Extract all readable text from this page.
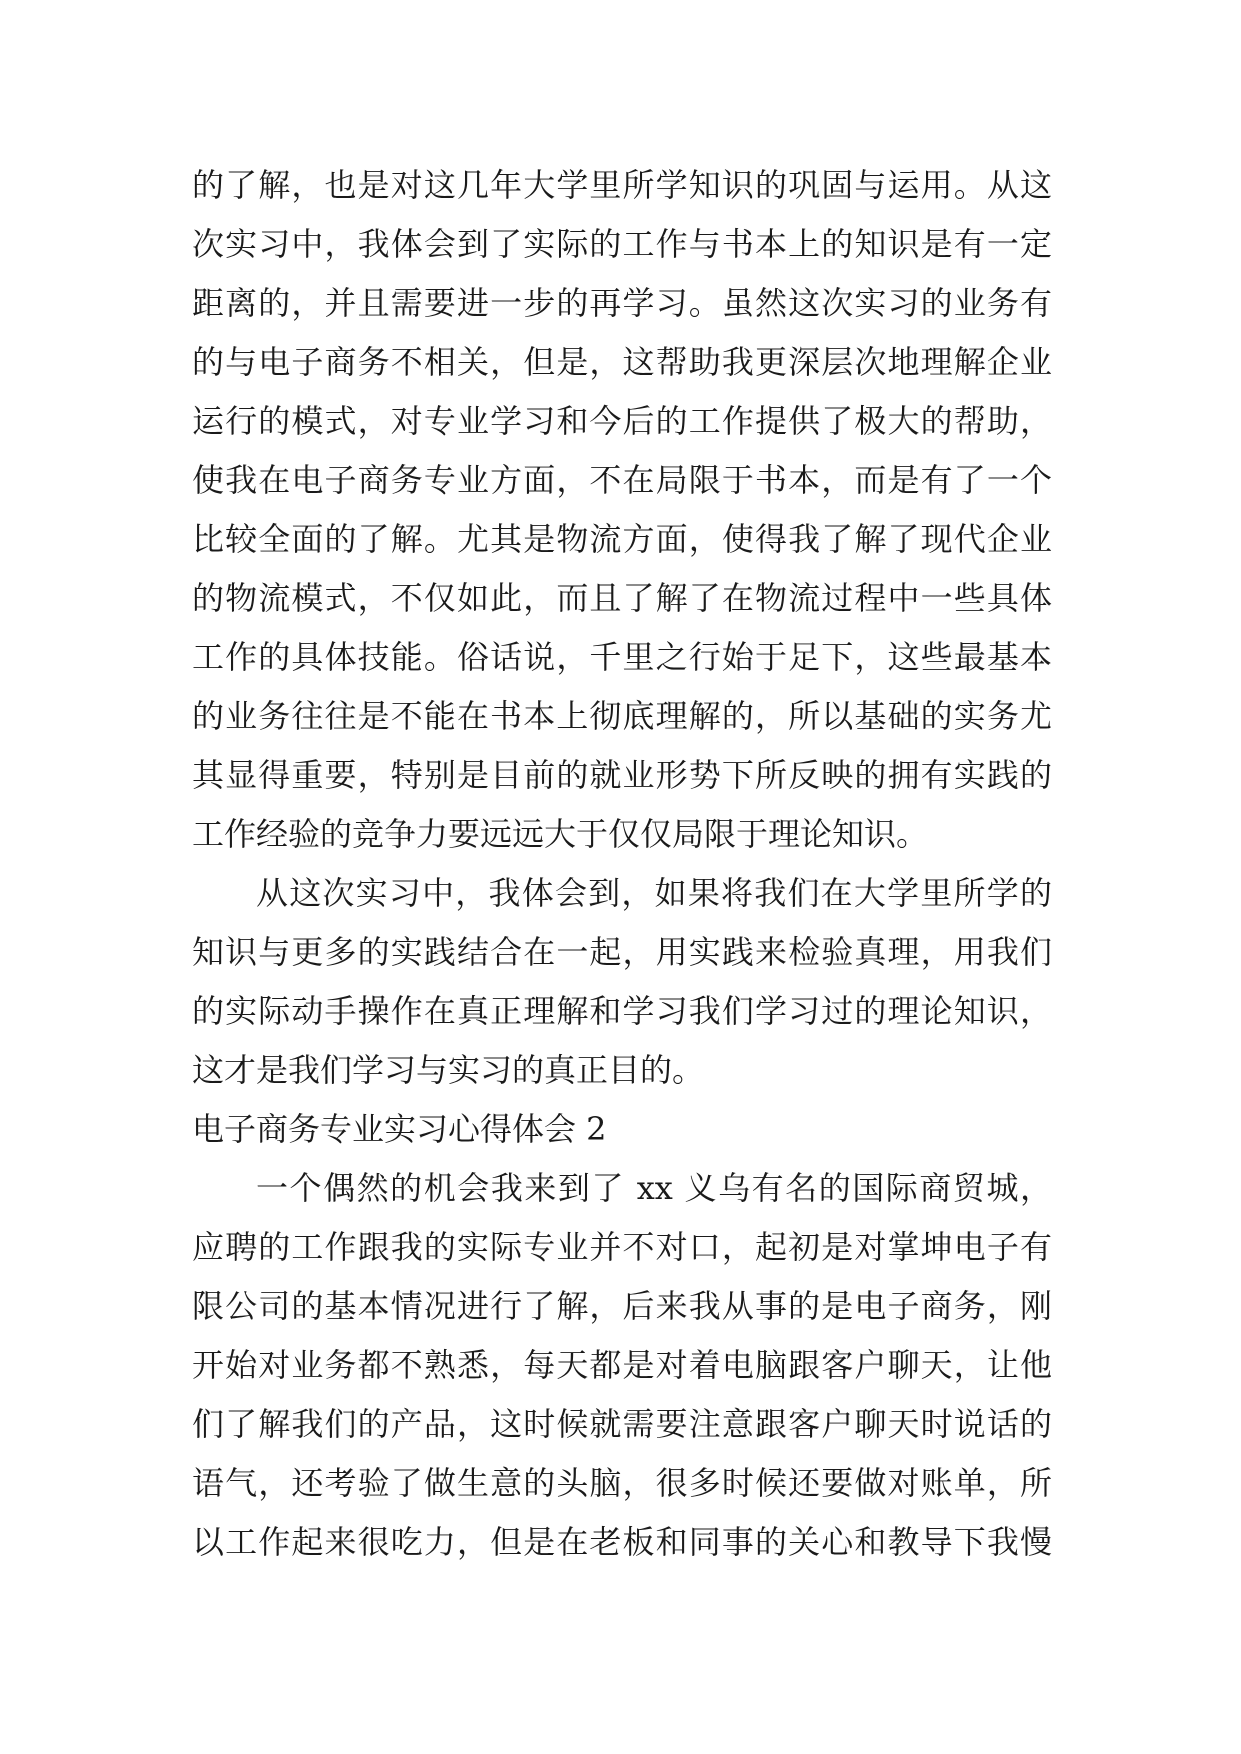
的了解，也是对这几年大学里所学知识的巩固与运用。从这
次实习中，我体会到了实际的工作与书本上的知识是有一定
距离的，并且需要进一步的再学习。虽然这次实习的业务有
的与电子商务不相关，但是，这帮助我更深层次地理解企业
运行的模式，对专业学习和今后的工作提供了极大的帮助，
使我在电子商务专业方面，不在局限于书本，而是有了一个
比较全面的了解。尤其是物流方面，使得我了解了现代企业
的物流模式，不仅如此，而且了解了在物流过程中一些具体
工作的具体技能。俗话说，千里之行始于足下，这些最基本
的业务往往是不能在书本上彻底理解的，所以基础的实务尤
其显得重要，特别是目前的就业形势下所反映的拥有实践的
工作经验的竞争力要远远大于仅仅局限于理论知识。
从这次实习中，我体会到，如果将我们在大学里所学的
知识与更多的实践结合在一起，用实践来检验真理，用我们
的实际动手操作在真正理解和学习我们学习过的理论知识，
这才是我们学习与实习的真正目的。
电子商务专业实习心得体会 2
一个偶然的机会我来到了 xx 义乌有名的国际商贸城，
应聘的工作跟我的实际专业并不对口，起初是对掌坤电子有
限公司的基本情况进行了解，后来我从事的是电子商务，刚
开始对业务都不熟悉，每天都是对着电脑跟客户聊天，让他
们了解我们的产品，这时候就需要注意跟客户聊天时说话的
语气，还考验了做生意的头脑，很多时候还要做对账单，所
以工作起来很吃力，但是在老板和同事的关心和教导下我慢
